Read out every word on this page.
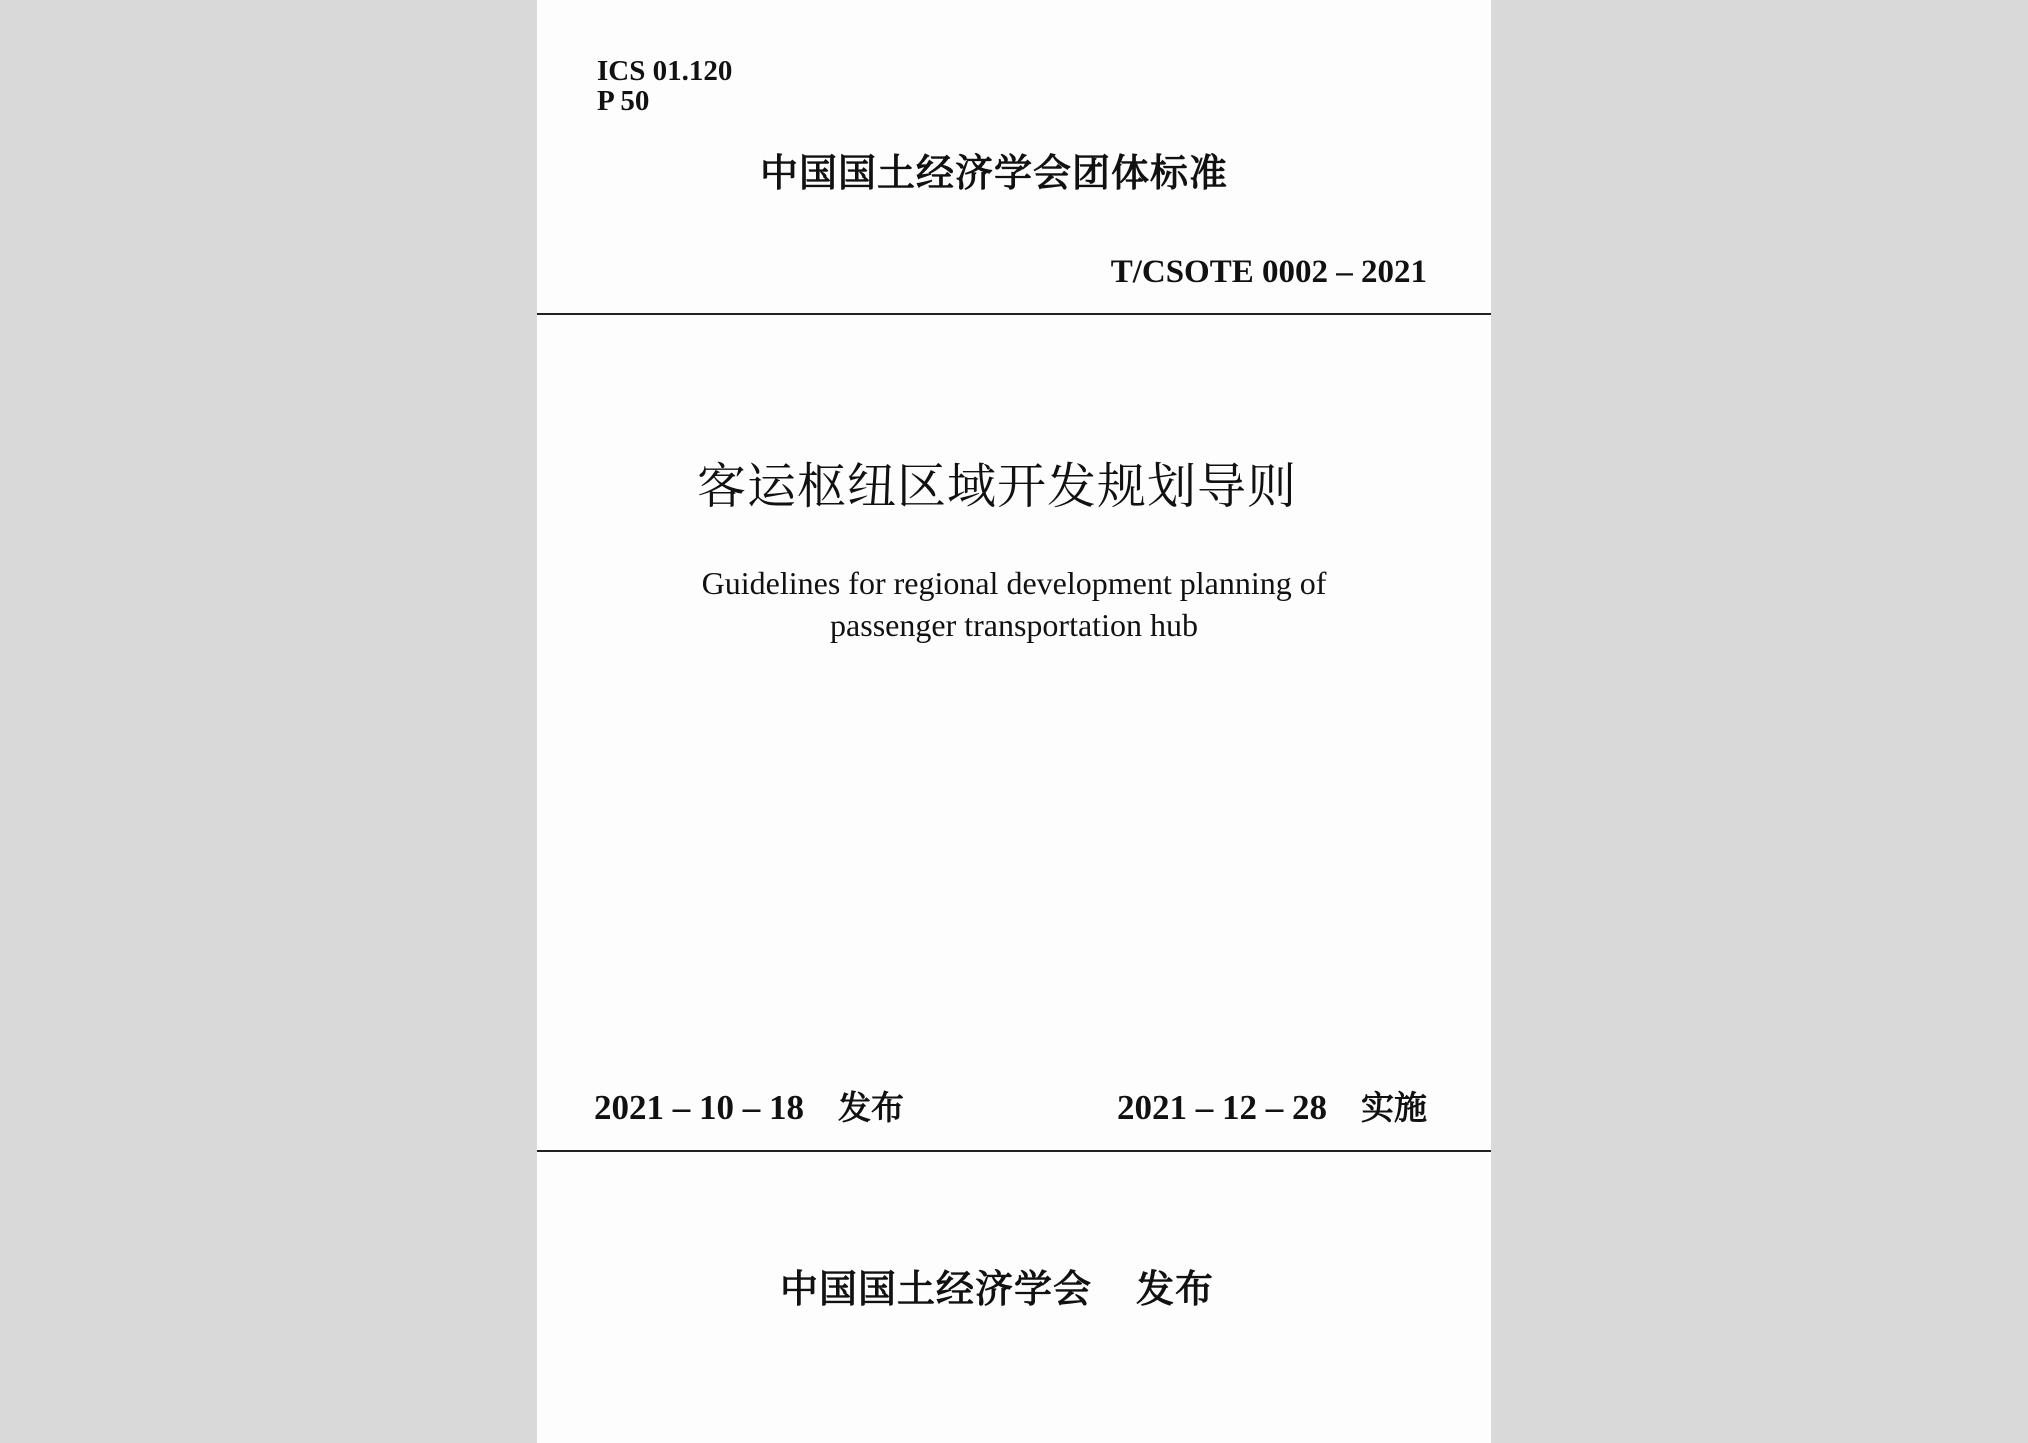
ICS 01.120
P 50
中国国土经济学会团体标准
T/CSOTE 0002 – 2021
客运枢纽区域开发规划导则
Guidelines for regional development planning of
passenger transportation hub
2021 – 10 – 18 发布	2021 – 12 – 28 实施
中国国土经济学会 发布
